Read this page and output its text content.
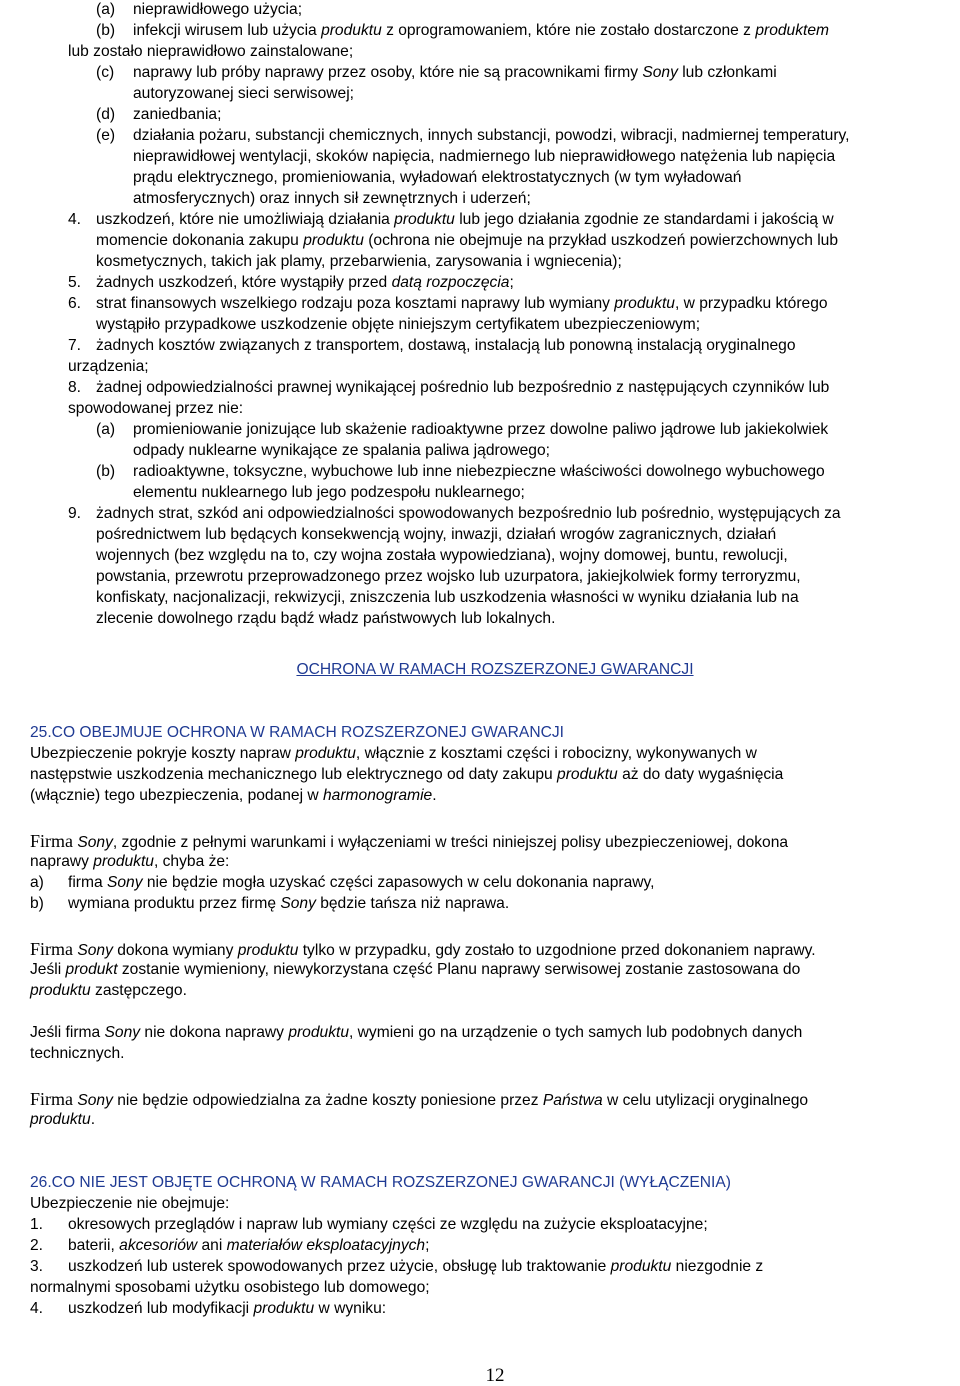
(a) nieprawidłowego użycia;
(b) infekcji wirusem lub użycia produktu z oprogramowaniem, które nie zostało dostarczone z produktem
lub zostało nieprawidłowo zainstalowane;
(c) naprawy lub próby naprawy przez osoby, które nie są pracownikami firmy Sony lub członkami
autoryzowanej sieci serwisowej;
(d) zaniedbania;
(e) działania pożaru, substancji chemicznych, innych substancji, powodzi, wibracji, nadmiernej temperatury,
nieprawidłowej wentylacji, skoków napięcia, nadmiernego lub nieprawidłowego natężenia lub napięcia
prądu elektrycznego, promieniowania, wyładowań elektrostatycznych (w tym wyładowań
atmosferycznych) oraz innych sił zewnętrznych i uderzeń;
4. uszkodzeń, które nie umożliwiają działania produktu lub jego działania zgodnie ze standardami i jakością w
momencie dokonania zakupu produktu (ochrona nie obejmuje na przykład uszkodzeń powierzchownych lub
kosmetycznych, takich jak plamy, przebarwienia, zarysowania i wgniecenia);
5. żadnych uszkodzeń, które wystąpiły przed datą rozpoczęcia;
6. strat finansowych wszelkiego rodzaju poza kosztami naprawy lub wymiany produktu, w przypadku którego
wystąpiło przypadkowe uszkodzenie objęte niniejszym certyfikatem ubezpieczeniowym;
7. żadnych kosztów związanych z transportem, dostawą, instalacją lub ponowną instalacją oryginalnego
urządzenia;
8. żadnej odpowiedzialności prawnej wynikającej pośrednio lub bezpośrednio z następujących czynników lub
spowodowanej przez nie:
(a) promieniowanie jonizujące lub skażenie radioaktywne przez dowolne paliwo jądrowe lub jakiekolwiek
odpady nuklearne wynikające ze spalania paliwa jądrowego;
(b) radioaktywne, toksyczne, wybuchowe lub inne niebezpieczne właściwości dowolnego wybuchowego
elementu nuklearnego lub jego podzespołu nuklearnego;
9. żadnych strat, szkód ani odpowiedzialności spowodowanych bezpośrednio lub pośrednio, występujących za
pośrednictwem lub będących konsekwencją wojny, inwazji, działań wrogów zagranicznych, działań
wojennych (bez względu na to, czy wojna została wypowiedziana), wojny domowej, buntu, rewolucji,
powstania, przewrotu przeprowadzonego przez wojsko lub uzurpatora, jakiejkolwiek formy terroryzmu,
konfiskaty, nacjonalizacji, rekwizycji, zniszczenia lub uszkodzenia własności w wyniku działania lub na
zlecenie dowolnego rządu bądź władz państwowych lub lokalnych.
OCHRONA W RAMACH ROZSZERZONEJ GWARANCJI
25.CO OBEJMUJE OCHRONA W RAMACH ROZSZERZONEJ GWARANCJI
Ubezpieczenie pokryje koszty napraw produktu, włącznie z kosztami części i robocizny, wykonywanych w
następstwie uszkodzenia mechanicznego lub elektrycznego od daty zakupu produktu aż do daty wygaśnięcia
(włącznie) tego ubezpieczenia, podanej w harmonogramie.
Firma Sony, zgodnie z pełnymi warunkami i wyłączeniami w treści niniejszej polisy ubezpieczeniowej, dokona
naprawy produktu, chyba że:
a) firma Sony nie będzie mogła uzyskać części zapasowych w celu dokonania naprawy,
b) wymiana produktu przez firmę Sony będzie tańsza niż naprawa.
Firma Sony dokona wymiany produktu tylko w przypadku, gdy zostało to uzgodnione przed dokonaniem naprawy.
Jeśli produkt zostanie wymieniony, niewykorzystana część Planu naprawy serwisowej zostanie zastosowana do
produktu zastępczego.
Jeśli firma Sony nie dokona naprawy produktu, wymieni go na urządzenie o tych samych lub podobnych danych
technicznych.
Firma Sony nie będzie odpowiedzialna za żadne koszty poniesione przez Państwa w celu utylizacji oryginalnego
produktu.
26.CO NIE JEST OBJĘTE OCHRONĄ W RAMACH ROZSZERZONEJ GWARANCJI (WYŁĄCZENIA)
Ubezpieczenie nie obejmuje:
1. okresowych przeglądów i napraw lub wymiany części ze względu na zużycie eksploatacyjne;
2. baterii, akcesoriów ani materiałów eksploatacyjnych;
3. uszkodzeń lub usterek spowodowanych przez użycie, obsługę lub traktowanie produktu niezgodnie z
normalnymi sposobami użytku osobistego lub domowego;
4. uszkodzeń lub modyfikacji produktu w wyniku:
12
